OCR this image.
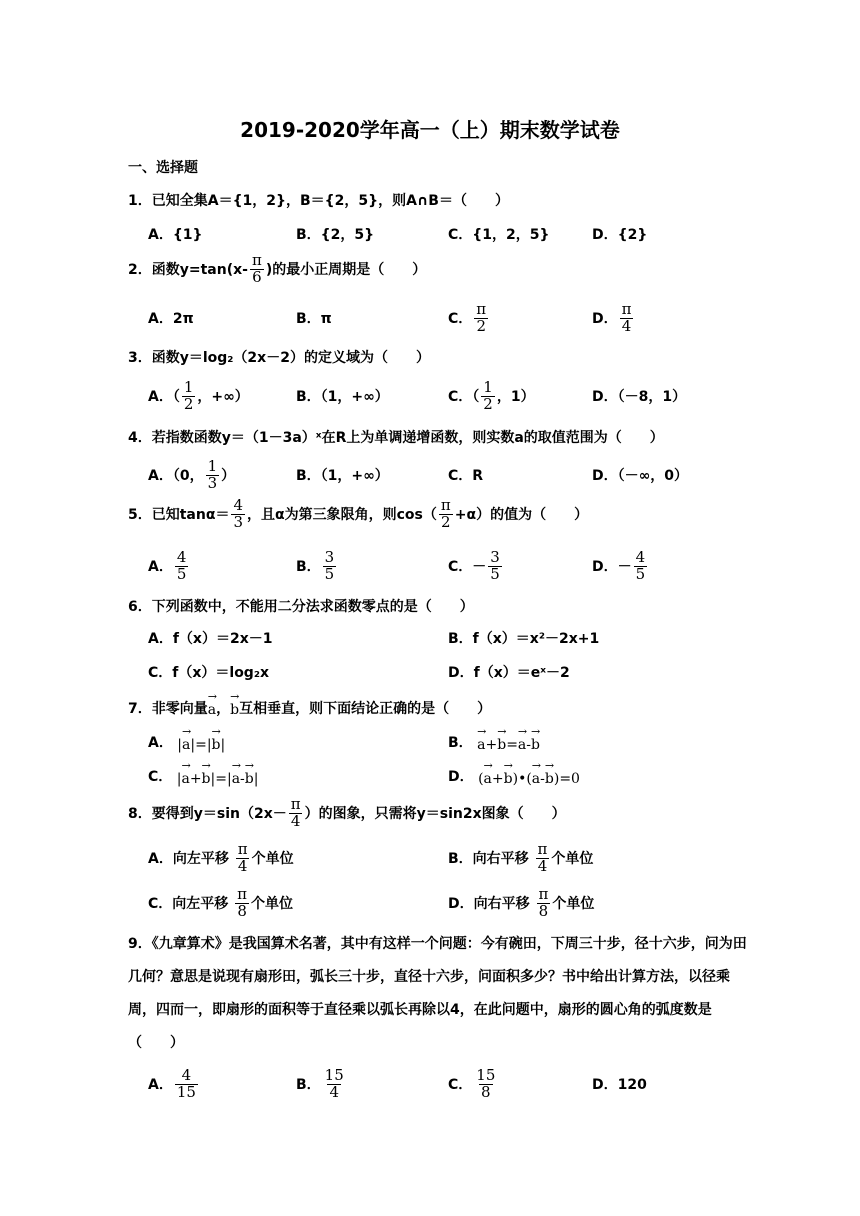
2019-2020学年高一（上）期末数学试卷
一、选择题
1．已知全集A＝{1，2}，B＝{2，5}，则A∩B＝（　　）
A．{1}	B．{2，5}	C．{1，2，5}	D．{2}
2．函数$y=\tan(x- \frac{\pi}{6}$ )的最小正周期是（　　）
A．2π	B．π	C． $\frac{\pi}{2}$	D． $\frac{\pi}{4}$
3．函数y＝log₂（2x－2）的定义域为（　　）
A．（ $\frac{1}{2}$ ，+∞）	B．（1，+∞）	C．（ $\frac{1}{2}$ ，1）	D．（－8，1）
4．若指数函数y＝（1－3a）ˣ在R上为单调递增函数，则实数a的取值范围为（　　）
A．（0， $\frac{1}{3}$ ）	B．（1，+∞）	C．R	D．（－∞，0）
5．已知$\tan\alpha= \frac{4}{3}$ ，且α为第三象限角，则$\cos( \frac{\pi}{2} +\alpha)$的值为（　　）
A． $\frac{4}{5}$	B． $\frac{3}{5}$	C．－ $\frac{3}{5}$	D．－ $\frac{4}{5}$
6．下列函数中，不能用二分法求函数零点的是（　　）
A．f（x）＝2x－1	B．f（x）＝x²－2x+1
C．f（x）＝log₂x	D．f（x）＝eˣ－2
7．非零向量 → a ， → b 互相垂直，则下面结论正确的是（　　）
A． |→ a|=|→ b|	B． → a+→ b=→ a-→ b
C． |→ a+→ b|=|→ a-→ b|	D． (→ a+→ b)•(→ a-→ b)=0
8．要得到$y=\sin(2x- \frac{\pi}{4}$ ）的图象，只需将y＝sin2x图象（　　）
A．向左平移
$\frac{\pi}{4}$ 个单位	B．向右平移
$\frac{\pi}{4}$ 个单位
C．向左平移
$\frac{\pi}{8}$ 个单位	D．向右平移
$\frac{\pi}{8}$ 个单位
9．《九章算术》是我国算术名著，其中有这样一个问题：今有碗田，下周三十步，径十六步，问为田几何？意思是说现有扇形田，弧长三十步，直径十六步，问面积多少？书中给出计算方法，以径乘周，四而一，即扇形的面积等于直径乘以弧长再除以4，在此问题中，扇形的圆心角的弧度数是（　　）
A． $\frac{4}{15}$	B． $\frac{15}{4}$	C． $\frac{15}{8}$	D．120
